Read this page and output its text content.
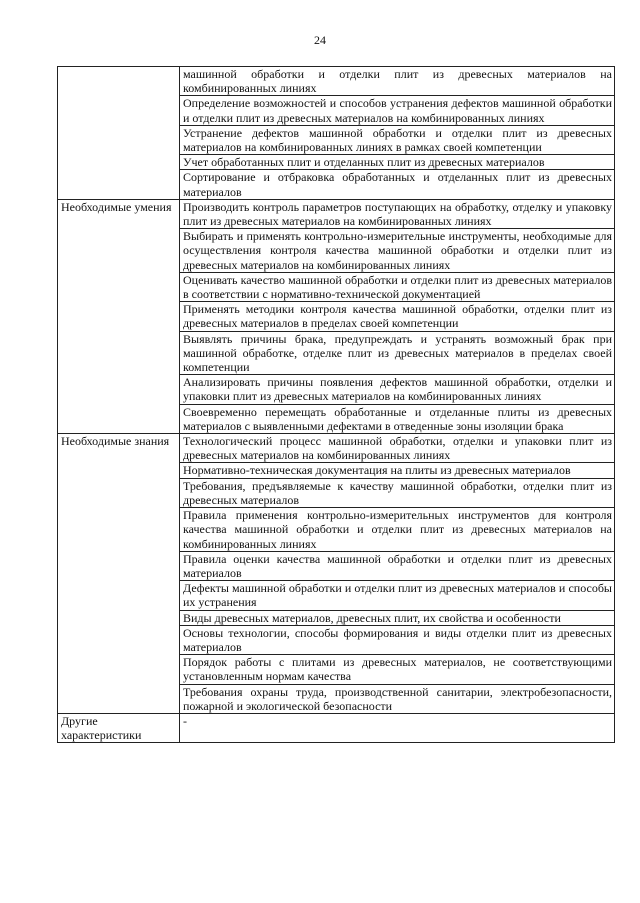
24
	машинной обработки и отделки плит из древесных материалов на комбинированных линиях
	Определение возможностей и способов устранения дефектов машинной обработки и отделки плит из древесных материалов на комбинированных линиях
	Устранение дефектов машинной обработки и отделки плит из древесных материалов на комбинированных линиях в рамках своей компетенции
	Учет обработанных плит и отделанных плит из древесных материалов
	Сортирование и отбраковка обработанных и отделанных плит из древесных материалов
Необходимые умения	Производить контроль параметров поступающих на обработку, отделку и упаковку плит из древесных материалов на комбинированных линиях
	Выбирать и применять контрольно-измерительные инструменты, необходимые для осуществления контроля качества машинной обработки и отделки плит из древесных материалов на комбинированных линиях
	Оценивать качество машинной обработки и отделки плит из древесных материалов в соответствии с нормативно-технической документацией
	Применять методики контроля качества машинной обработки, отделки плит из древесных материалов в пределах своей компетенции
	Выявлять причины брака, предупреждать и устранять возможный брак при машинной обработке, отделке плит из древесных материалов в пределах своей компетенции
	Анализировать причины появления дефектов машинной обработки, отделки и упаковки плит из древесных материалов на комбинированных линиях
	Своевременно перемещать обработанные и отделанные плиты из древесных материалов с выявленными дефектами в отведенные зоны изоляции брака
Необходимые знания	Технологический процесс машинной обработки, отделки и упаковки плит из древесных материалов на комбинированных линиях
	Нормативно-техническая документация на плиты из древесных материалов
	Требования, предъявляемые к качеству машинной обработки, отделки плит из древесных материалов
	Правила применения контрольно-измерительных инструментов для контроля качества машинной обработки и отделки плит из древесных материалов на комбинированных линиях
	Правила оценки качества машинной обработки и отделки плит из древесных материалов
	Дефекты машинной обработки и отделки плит из древесных материалов и способы их устранения
	Виды древесных материалов, древесных плит, их свойства и особенности
	Основы технологии, способы формирования и виды отделки плит из древесных материалов
	Порядок работы с плитами из древесных материалов, не соответствующими установленным нормам качества
	Требования охраны труда, производственной санитарии, электробезопасности, пожарной и экологической безопасности
Другие характеристики	-
